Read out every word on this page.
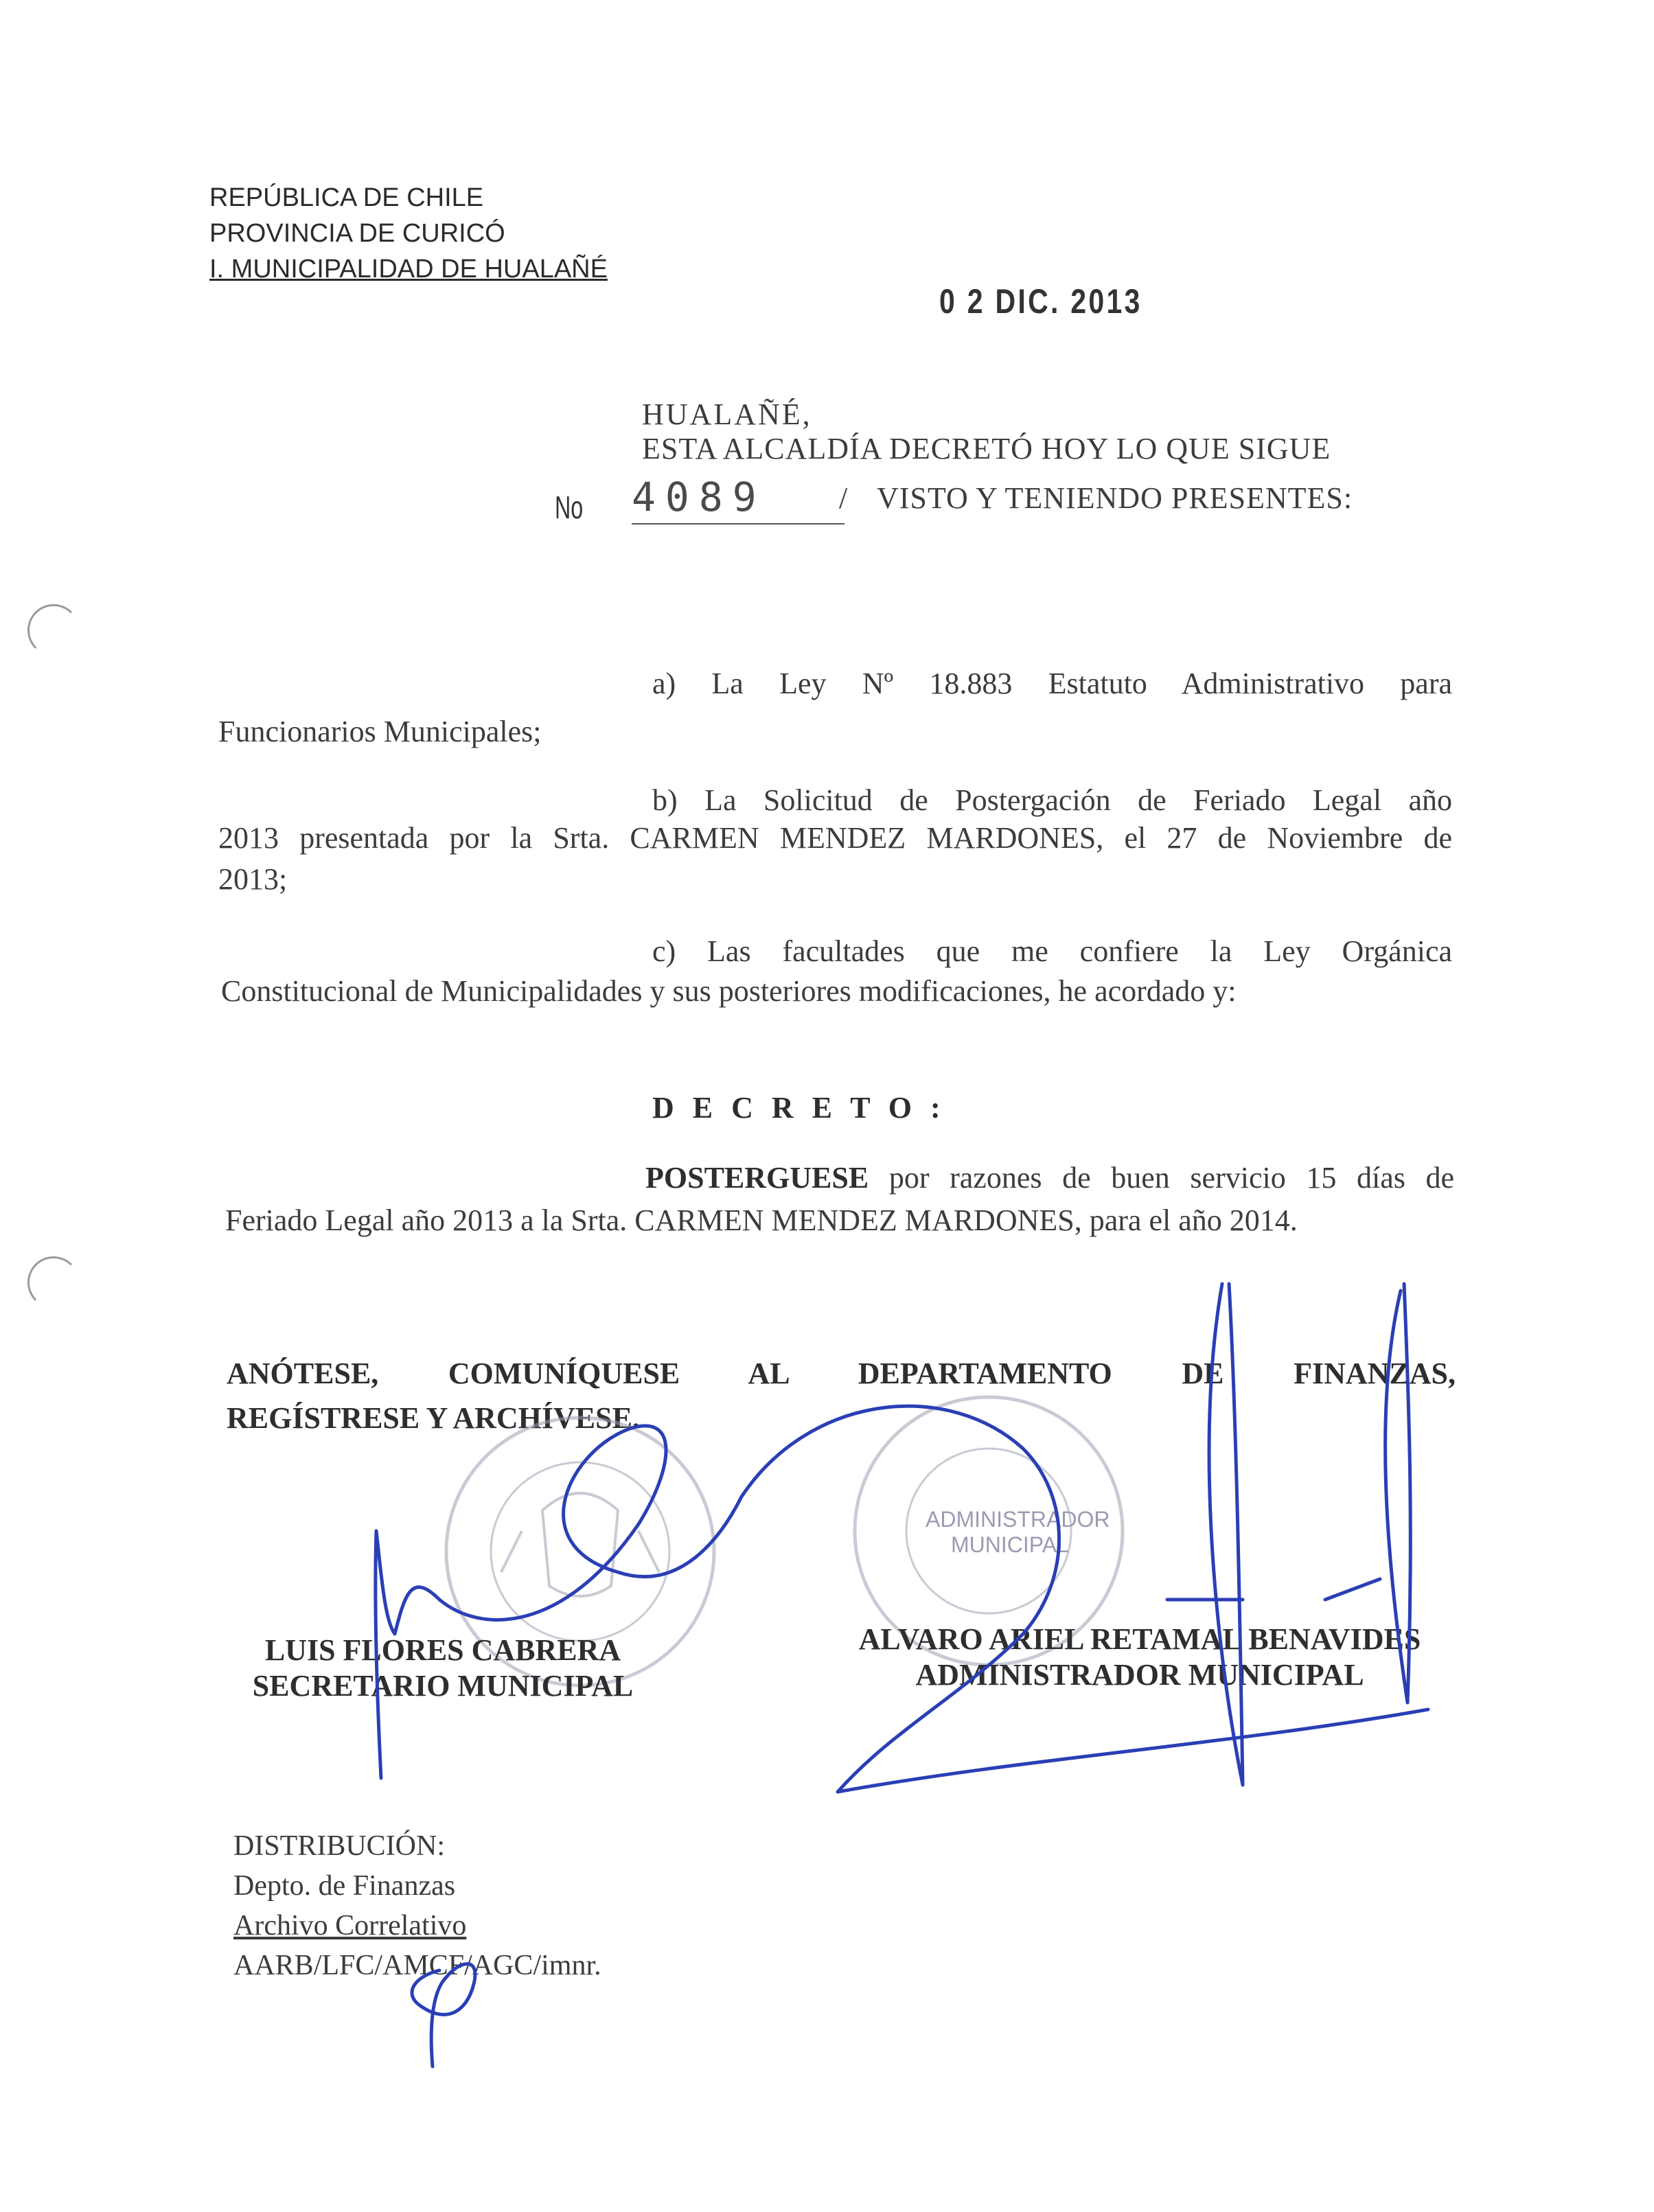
REPÚBLICA DE CHILE
PROVINCIA DE CURICÓ
I. MUNICIPALIDAD DE HUALAÑÉ
0 2 DIC. 2013
HUALAÑÉ,
ESTA ALCALDÍA DECRETÓ HOY LO QUE SIGUE
No 4089 / VISTO Y TENIENDO PRESENTES:
a) La Ley Nº 18.883 Estatuto Administrativo para
Funcionarios Municipales;
b) La Solicitud de Postergación de Feriado Legal año
2013 presentada por la Srta. CARMEN MENDEZ MARDONES, el 27 de Noviembre de
2013;
c) Las facultades que me confiere la Ley Orgánica
Constitucional de Municipalidades y sus posteriores modificaciones, he acordado y:
D E C R E T O :
POSTERGUESE por razones de buen servicio 15 días de
Feriado Legal año 2013 a la Srta. CARMEN MENDEZ MARDONES, para el año 2014.
ANÓTESE, COMUNÍQUESE AL DEPARTAMENTO DE FINANZAS,
REGÍSTRESE Y ARCHÍVESE.
ADMINISTRADOR
MUNICIPAL
LUIS FLORES CABRERA
SECRETARIO MUNICIPAL
ALVARO ARIEL RETAMAL BENAVIDES
ADMINISTRADOR MUNICIPAL
DISTRIBUCIÓN:
Depto. de Finanzas
Archivo Correlativo
AARB/LFC/AMCF/AGC/imnr.
